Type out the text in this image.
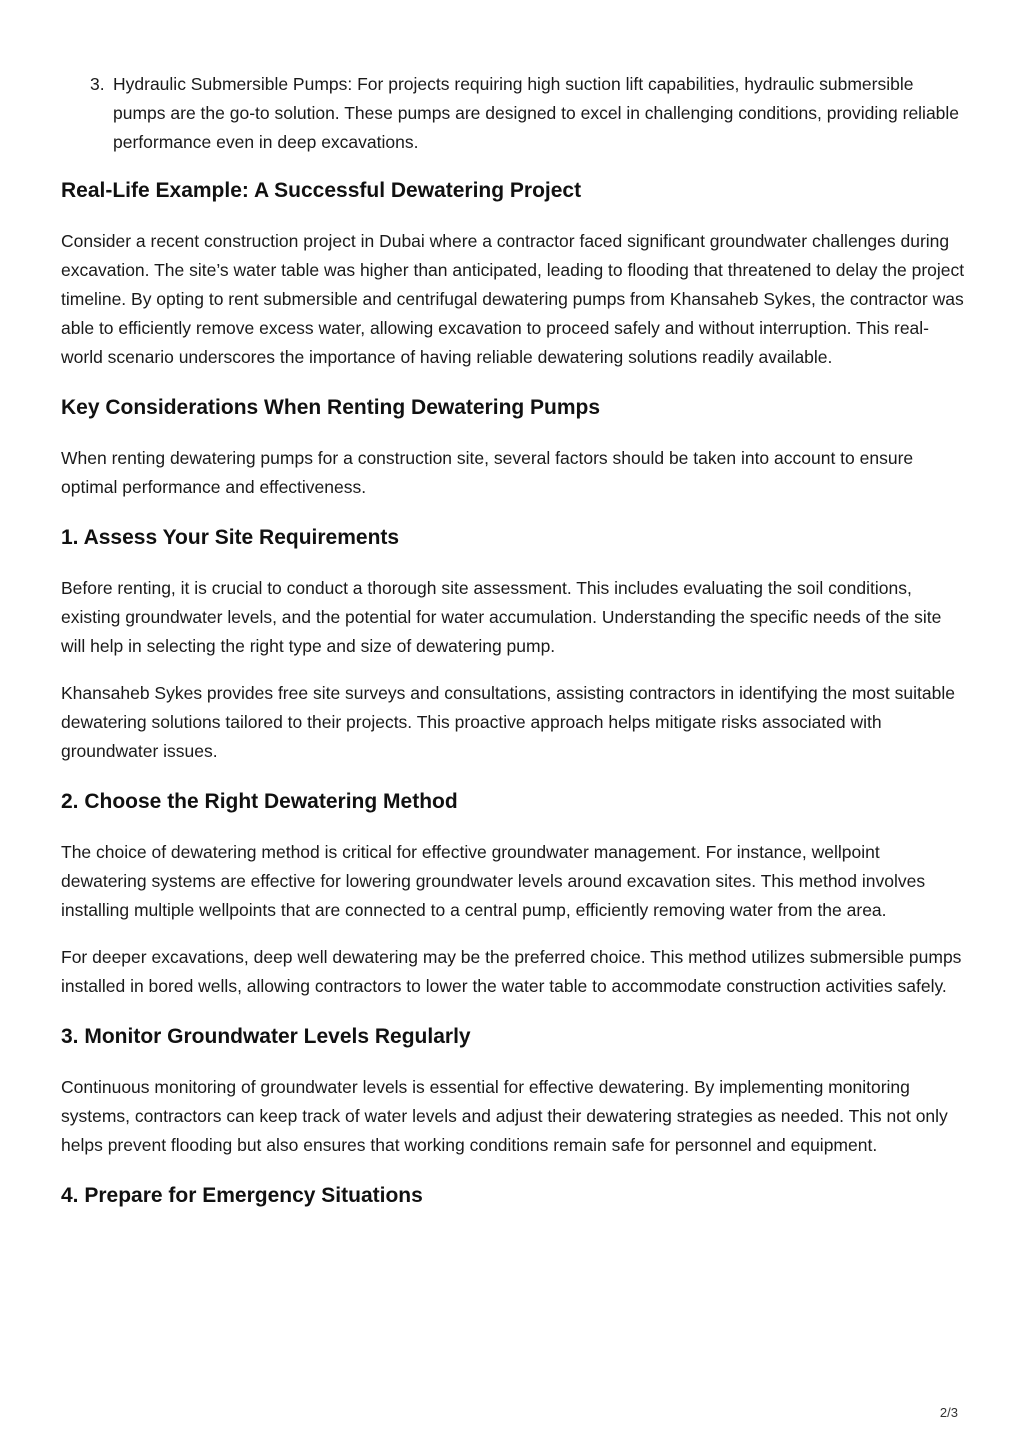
3. Hydraulic Submersible Pumps: For projects requiring high suction lift capabilities, hydraulic submersible pumps are the go-to solution. These pumps are designed to excel in challenging conditions, providing reliable performance even in deep excavations.
Real-Life Example: A Successful Dewatering Project

Consider a recent construction project in Dubai where a contractor faced significant groundwater challenges during excavation. The site’s water table was higher than anticipated, leading to flooding that threatened to delay the project timeline. By opting to rent submersible and centrifugal dewatering pumps from Khansaheb Sykes, the contractor was able to efficiently remove excess water, allowing excavation to proceed safely and without interruption. This real-world scenario underscores the importance of having reliable dewatering solutions readily available.

Key Considerations When Renting Dewatering Pumps

When renting dewatering pumps for a construction site, several factors should be taken into account to ensure optimal performance and effectiveness.

1. Assess Your Site Requirements

Before renting, it is crucial to conduct a thorough site assessment. This includes evaluating the soil conditions, existing groundwater levels, and the potential for water accumulation. Understanding the specific needs of the site will help in selecting the right type and size of dewatering pump.

Khansaheb Sykes provides free site surveys and consultations, assisting contractors in identifying the most suitable dewatering solutions tailored to their projects. This proactive approach helps mitigate risks associated with groundwater issues.

2. Choose the Right Dewatering Method

The choice of dewatering method is critical for effective groundwater management. For instance, wellpoint dewatering systems are effective for lowering groundwater levels around excavation sites. This method involves installing multiple wellpoints that are connected to a central pump, efficiently removing water from the area.

For deeper excavations, deep well dewatering may be the preferred choice. This method utilizes submersible pumps installed in bored wells, allowing contractors to lower the water table to accommodate construction activities safely.

3. Monitor Groundwater Levels Regularly

Continuous monitoring of groundwater levels is essential for effective dewatering. By implementing monitoring systems, contractors can keep track of water levels and adjust their dewatering strategies as needed. This not only helps prevent flooding but also ensures that working conditions remain safe for personnel and equipment.

4. Prepare for Emergency Situations
2/3
